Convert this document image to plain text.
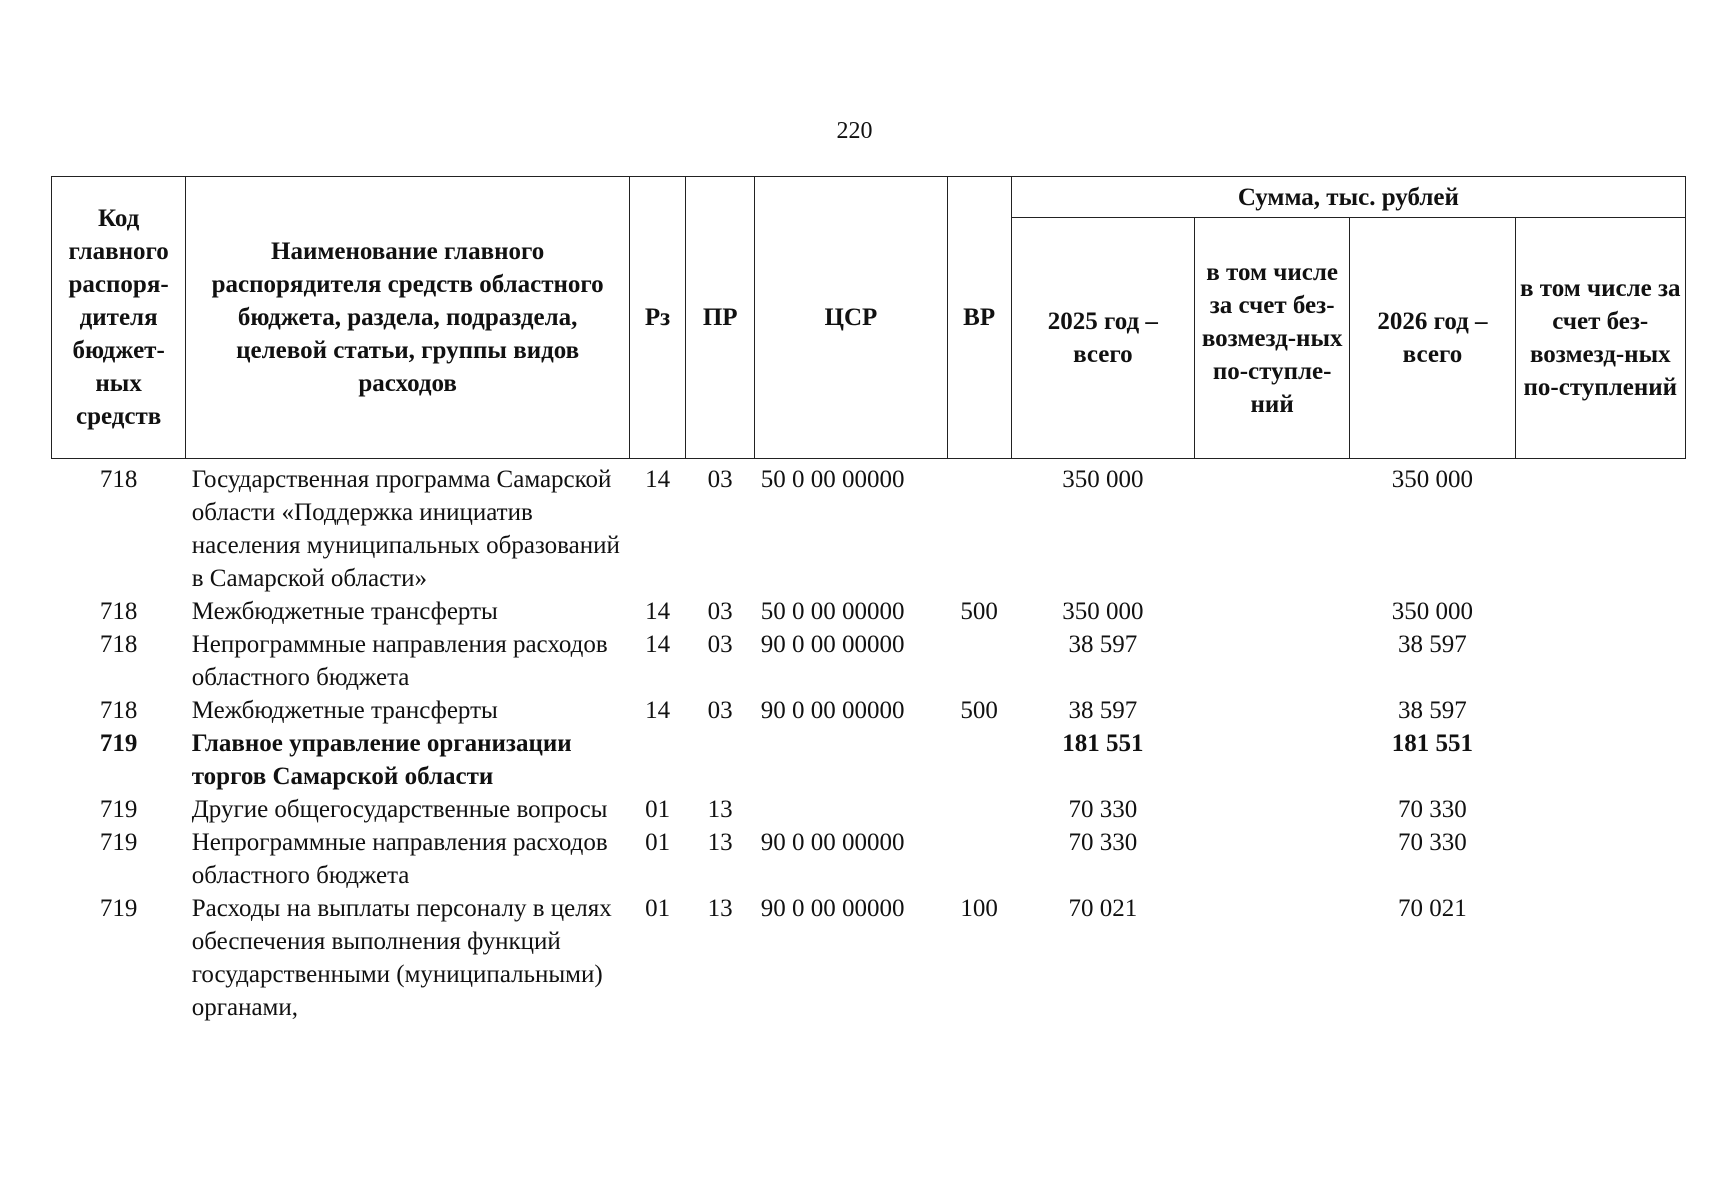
220
Код главного распоря-дителя бюджет-ных средств	Наименование главного распорядителя средств областного бюджета, раздела, подраздела, целевой статьи, группы видов расходов	Рз	ПР	ЦСР	ВР	Сумма, тыс. рублей			
						2025 год – всего	в том числе за счет без-возмезд-ных по-ступле-ний	2026 год – всего	в том числе за счет без-возмезд-ных по-ступлений
718	Государственная программа Самарской области «Поддержка инициатив населения муниципальных образований в Самарской области»	14	03	50 0 00 00000		350 000		350 000	
718	Межбюджетные трансферты	14	03	50 0 00 00000	500	350 000		350 000	
718	Непрограммные направления расходов областного бюджета	14	03	90 0 00 00000		38 597		38 597	
718	Межбюджетные трансферты	14	03	90 0 00 00000	500	38 597		38 597	
719	Главное управление организации торгов Самарской области					181 551		181 551	
719	Другие общегосударственные вопросы	01	13			70 330		70 330	
719	Непрограммные направления расходов областного бюджета	01	13	90 0 00 00000		70 330		70 330	
719	Расходы на выплаты персоналу в целях обеспечения выполнения функций государственными (муниципальными) органами,	01	13	90 0 00 00000	100	70 021		70 021	
